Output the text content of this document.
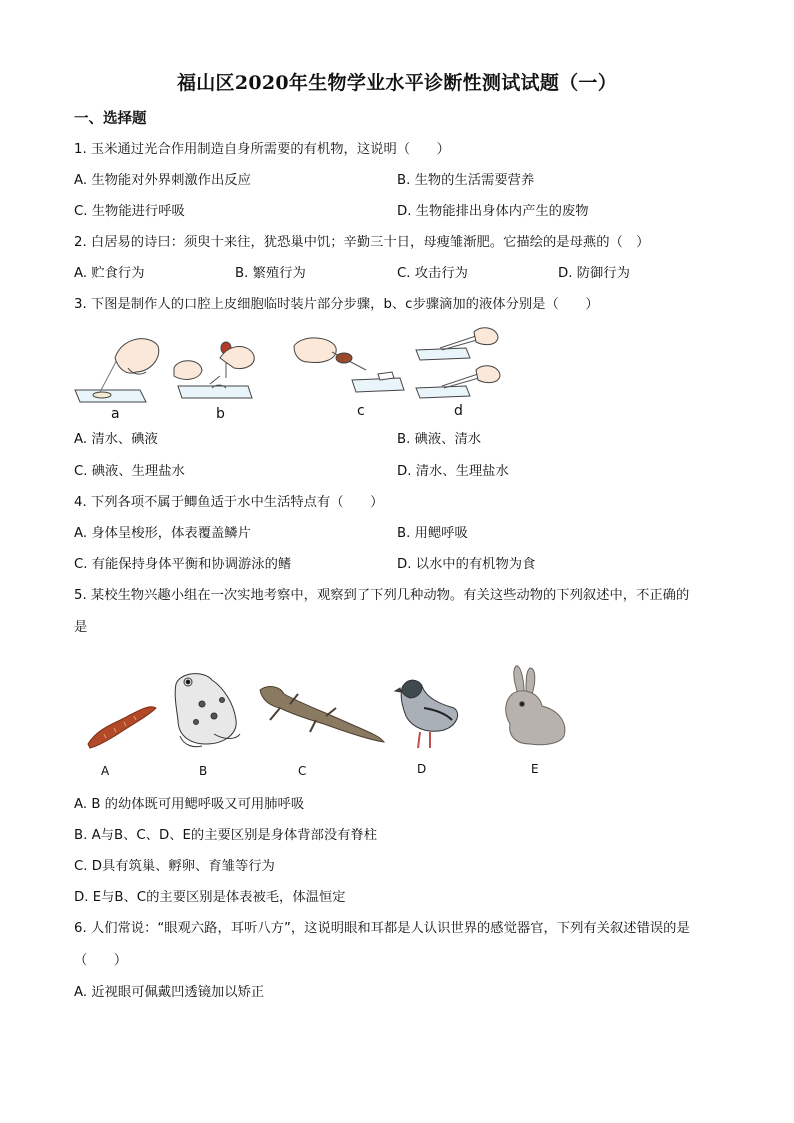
福山区2020年生物学业水平诊断性测试试题（一）
一、选择题
1. 玉米通过光合作用制造自身所需要的有机物，这说明（　　）
A. 生物能对外界刺激作出反应	B. 生物的生活需要营养
C. 生物能进行呼吸	D. 生物能排出身体内产生的废物
2. 白居易的诗曰：须臾十来往，犹恐巢中饥；辛勤三十日，母瘦雏渐肥。它描绘的是母燕的（　）
A. 贮食行为	B. 繁殖行为	C. 攻击行为	D. 防御行为
3. 下图是制作人的口腔上皮细胞临时装片部分步骤，b、c步骤滴加的液体分别是（　　）
a	b	c	d
A. 清水、碘液	B. 碘液、清水
C. 碘液、生理盐水	D. 清水、生理盐水
4. 下列各项不属于鲫鱼适于水中生活特点有（　　）
A. 身体呈梭形，体表覆盖鳞片	B. 用鳃呼吸
C. 有能保持身体平衡和协调游泳的鳍	D. 以水中的有机物为食
5. 某校生物兴趣小组在一次实地考察中，观察到了下列几种动物。有关这些动物的下列叙述中，不正确的
是
A	B	C	D	E
A. B 的幼体既可用鳃呼吸又可用肺呼吸
B. A与B、C、D、E的主要区别是身体背部没有脊柱
C. D具有筑巢、孵卵、育雏等行为
D. E与B、C的主要区别是体表被毛，体温恒定
6. 人们常说：“眼观六路，耳听八方”，这说明眼和耳都是人认识世界的感觉器官，下列有关叙述错误的是
（　　）
A. 近视眼可佩戴凹透镜加以矫正
